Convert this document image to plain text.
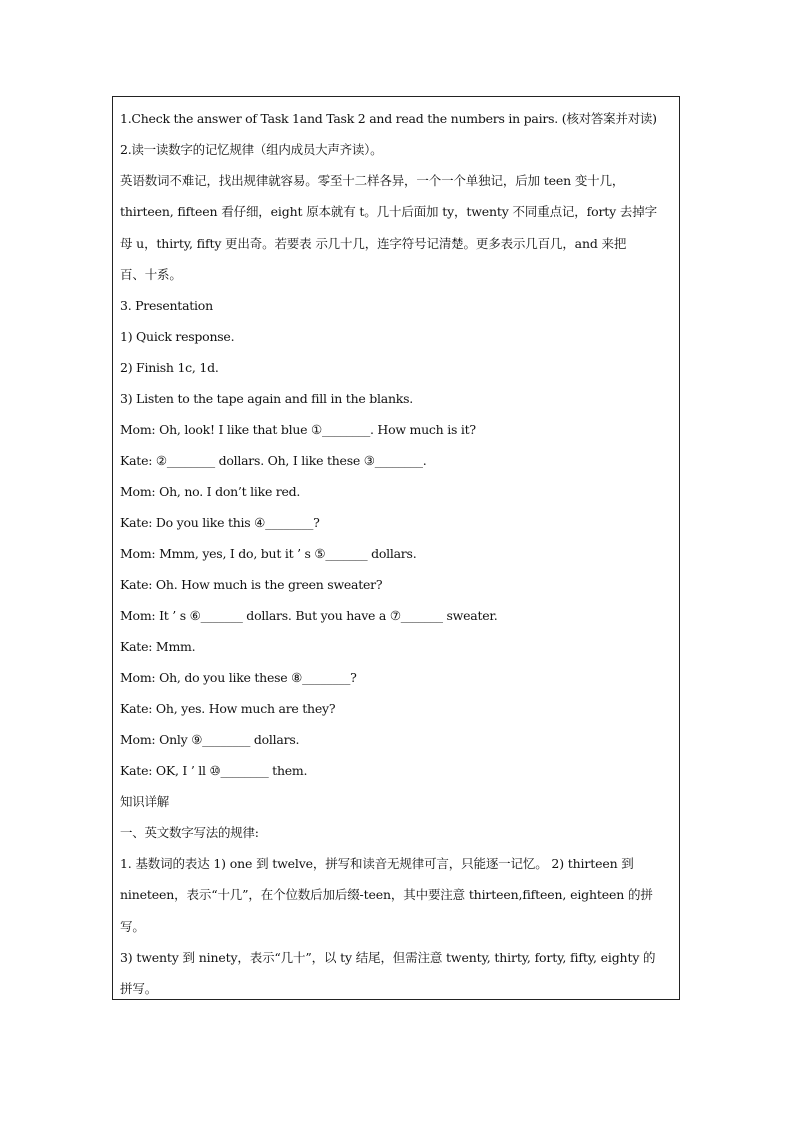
1.Check the answer of Task 1and Task 2 and read the numbers in pairs. (核对答案并对读)
2.读一读数字的记忆规律（组内成员大声齐读）。
英语数词不难记，找出规律就容易。零至十二样各异，一个一个单独记，后加 teen 变十几，
thirteen, fifteen 看仔细，eight 原本就有 t。几十后面加 ty，twenty 不同重点记，forty 去掉字
母 u，thirty, fifty 更出奇。若要表 示几十几，连字符号记清楚。更多表示几百几，and 来把
百、十系。
3. Presentation
1) Quick response.
2) Finish 1c, 1d.
3) Listen to the tape again and fill in the blanks.
Mom: Oh, look! I like that blue ①________. How much is it?
Kate: ②________ dollars. Oh, I like these ③________.
Mom: Oh, no. I don’t like red.
Kate: Do you like this ④________?
Mom: Mmm, yes, I do, but it ’ s ⑤_______ dollars.
Kate: Oh. How much is the green sweater?
Mom: It ’ s ⑥_______ dollars. But you have a ⑦_______ sweater.
Kate: Mmm.
Mom: Oh, do you like these ⑧________?
Kate: Oh, yes. How much are they?
Mom: Only ⑨________ dollars.
Kate: OK, I ’ ll ⑩________ them.
知识详解
一、英文数字写法的规律:
1. 基数词的表达 1) one 到 twelve，拼写和读音无规律可言，只能逐一记忆。 2) thirteen 到
nineteen，表示“十几”，在个位数后加后缀-teen，其中要注意 thirteen,fifteen, eighteen 的拼
写。
3) twenty 到 ninety，表示“几十”，以 ty 结尾，但需注意 twenty, thirty, forty, fifty, eighty 的
拼写。
